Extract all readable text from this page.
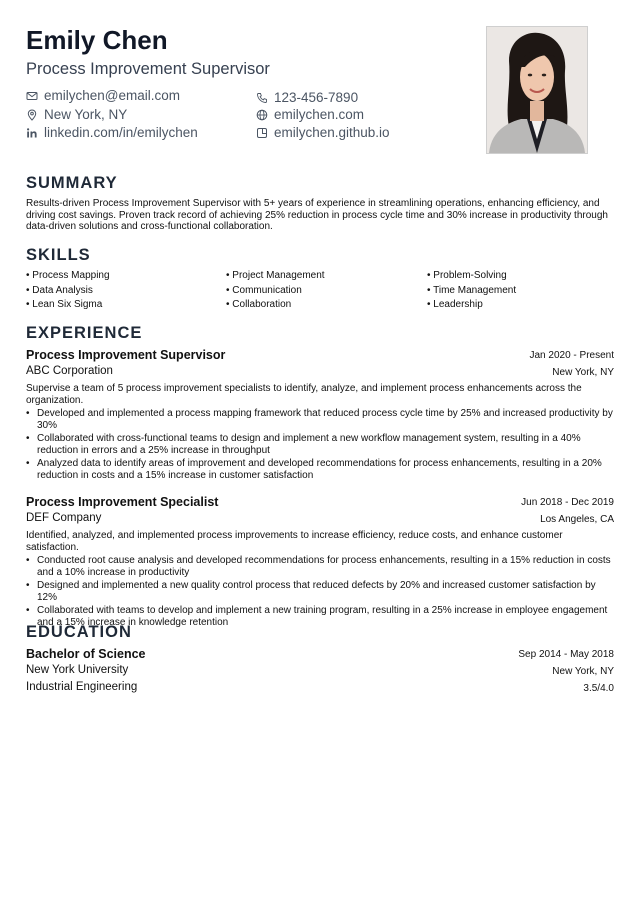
Emily Chen
Process Improvement Supervisor
emilychen@email.com	123-456-7890
New York, NY	emilychen.com
linkedin.com/in/emilychen	emilychen.github.io
SUMMARY
Results-driven Process Improvement Supervisor with 5+ years of experience in streamlining operations, enhancing efficiency, and driving cost savings. Proven track record of achieving 25% reduction in process cycle time and 30% increase in productivity through data-driven solutions and cross-functional collaboration.
SKILLS
• Process Mapping	• Project Management	• Problem-Solving
• Data Analysis	• Communication	• Time Management
• Lean Six Sigma	• Collaboration	• Leadership
EXPERIENCE
Process Improvement Supervisor	Jan 2020 - Present
ABC Corporation	New York, NY
Supervise a team of 5 process improvement specialists to identify, analyze, and implement process enhancements across the organization.
• Developed and implemented a process mapping framework that reduced process cycle time by 25% and increased productivity by 30%
• Collaborated with cross-functional teams to design and implement a new workflow management system, resulting in a 40% reduction in errors and a 25% increase in throughput
• Analyzed data to identify areas of improvement and developed recommendations for process enhancements, resulting in a 20% reduction in costs and a 15% increase in customer satisfaction
Process Improvement Specialist	Jun 2018 - Dec 2019
DEF Company	Los Angeles, CA
Identified, analyzed, and implemented process improvements to increase efficiency, reduce costs, and enhance customer satisfaction.
• Conducted root cause analysis and developed recommendations for process enhancements, resulting in a 15% reduction in costs and a 10% increase in productivity
• Designed and implemented a new quality control process that reduced defects by 20% and increased customer satisfaction by 12%
• Collaborated with teams to develop and implement a new training program, resulting in a 25% increase in employee engagement and a 15% increase in knowledge retention
EDUCATION
Bachelor of Science	Sep 2014 - May 2018
New York University	New York, NY
Industrial Engineering	3.5/4.0
